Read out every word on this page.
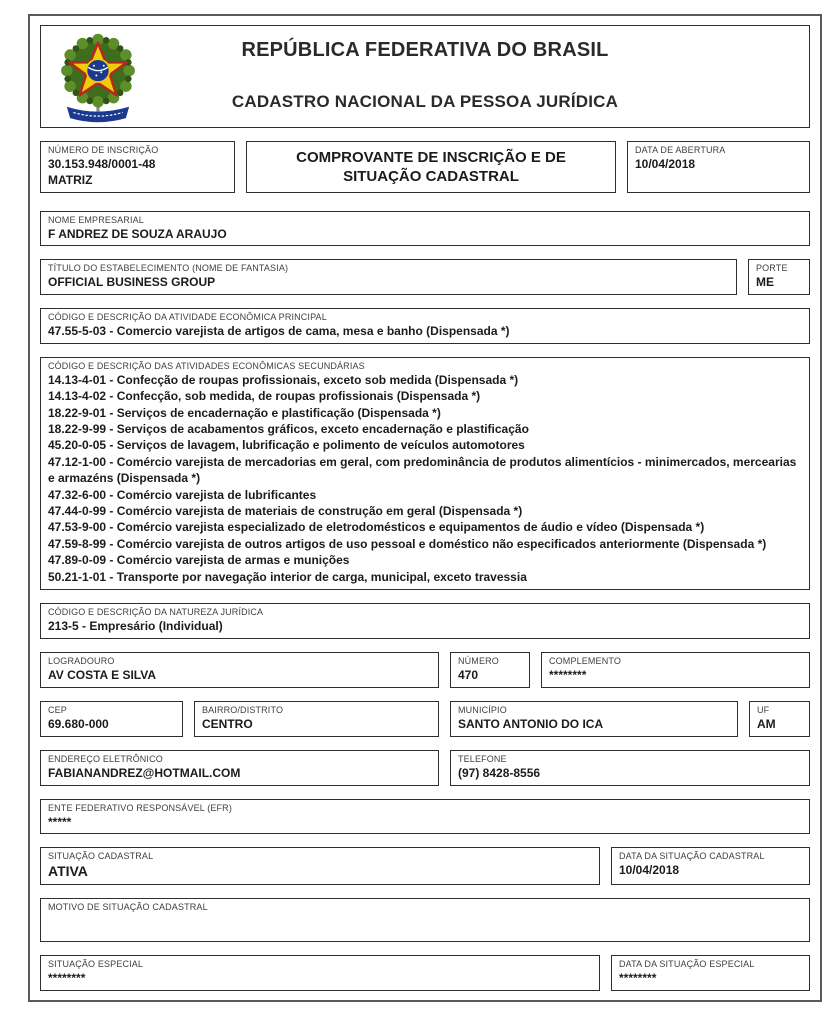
REPÚBLICA FEDERATIVA DO BRASIL
CADASTRO NACIONAL DA PESSOA JURÍDICA
NÚMERO DE INSCRIÇÃO
30.153.948/0001-48
MATRIZ
COMPROVANTE DE INSCRIÇÃO E DE SITUAÇÃO CADASTRAL
DATA DE ABERTURA
10/04/2018
NOME EMPRESARIAL
F ANDREZ DE SOUZA ARAUJO
TÍTULO DO ESTABELECIMENTO (NOME DE FANTASIA)
OFFICIAL BUSINESS GROUP
PORTE
ME
CÓDIGO E DESCRIÇÃO DA ATIVIDADE ECONÔMICA PRINCIPAL
47.55-5-03 - Comercio varejista de artigos de cama, mesa e banho (Dispensada *)
CÓDIGO E DESCRIÇÃO DAS ATIVIDADES ECONÔMICAS SECUNDÁRIAS
14.13-4-01 - Confecção de roupas profissionais, exceto sob medida (Dispensada *)
14.13-4-02 - Confecção, sob medida, de roupas profissionais (Dispensada *)
18.22-9-01 - Serviços de encadernação e plastificação (Dispensada *)
18.22-9-99 - Serviços de acabamentos gráficos, exceto encadernação e plastificação
45.20-0-05 - Serviços de lavagem, lubrificação e polimento de veículos automotores
47.12-1-00 - Comércio varejista de mercadorias em geral, com predominância de produtos alimentícios - minimercados, mercearias e armazéns (Dispensada *)
47.32-6-00 - Comércio varejista de lubrificantes
47.44-0-99 - Comércio varejista de materiais de construção em geral (Dispensada *)
47.53-9-00 - Comércio varejista especializado de eletrodomésticos e equipamentos de áudio e vídeo (Dispensada *)
47.59-8-99 - Comércio varejista de outros artigos de uso pessoal e doméstico não especificados anteriormente (Dispensada *)
47.89-0-09 - Comércio varejista de armas e munições
50.21-1-01 - Transporte por navegação interior de carga, municipal, exceto travessia
CÓDIGO E DESCRIÇÃO DA NATUREZA JURÍDICA
213-5 - Empresário (Individual)
LOGRADOURO
AV COSTA E SILVA
NÚMERO
470
COMPLEMENTO
********
CEP
69.680-000
BAIRRO/DISTRITO
CENTRO
MUNICÍPIO
SANTO ANTONIO DO ICA
UF
AM
ENDEREÇO ELETRÔNICO
FABIANANDREZ@HOTMAIL.COM
TELEFONE
(97) 8428-8556
ENTE FEDERATIVO RESPONSÁVEL (EFR)
*****
SITUAÇÃO CADASTRAL
ATIVA
DATA DA SITUAÇÃO CADASTRAL
10/04/2018
MOTIVO DE SITUAÇÃO CADASTRAL
SITUAÇÃO ESPECIAL
********
DATA DA SITUAÇÃO ESPECIAL
********
